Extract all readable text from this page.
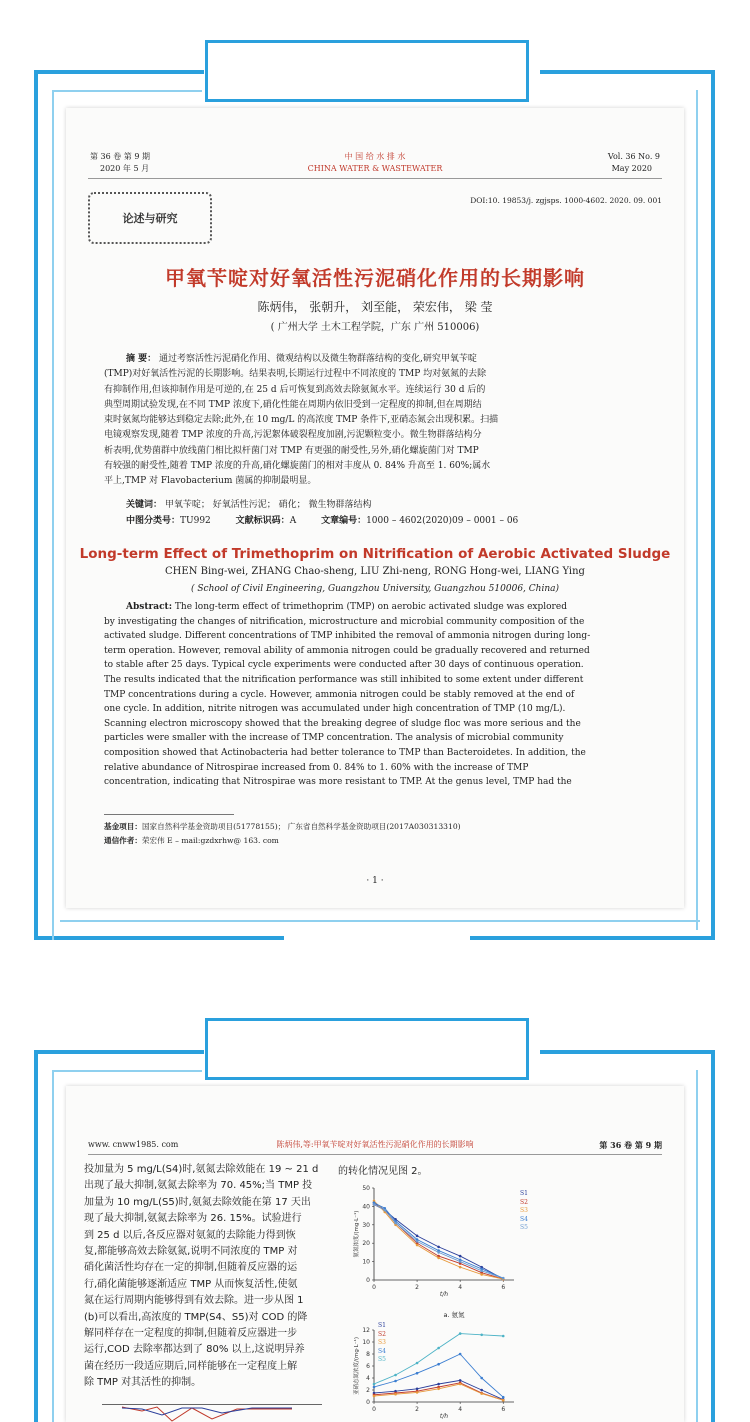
第 36 卷 第 9 期
2020 年 5 月
中 国 给 水 排 水
CHINA WATER & WASTEWATER
Vol. 36 No. 9
May 2020
论述与研究
DOI:10. 19853/j. zgjsps. 1000-4602. 2020. 09. 001
甲氧苄啶对好氧活性污泥硝化作用的长期影响
陈炳伟， 张朝升， 刘至能， 荣宏伟， 梁 莹
( 广州大学 土木工程学院，广东 广州 510006)
摘 要： 通过考察活性污泥硝化作用、微观结构以及微生物群落结构的变化,研究甲氧苄啶
(TMP)对好氧活性污泥的长期影响。结果表明,长期运行过程中不同浓度的 TMP 均对氨氮的去除
有抑制作用,但该抑制作用是可逆的,在 25 d 后可恢复到高效去除氨氮水平。连续运行 30 d 后的
典型周期试验发现,在不同 TMP 浓度下,硝化性能在周期内依旧受到一定程度的抑制,但在周期结
束时氨氮均能够达到稳定去除;此外,在 10 mg/L 的高浓度 TMP 条件下,亚硝态氮会出现积累。扫描
电镜观察发现,随着 TMP 浓度的升高,污泥絮体破裂程度加剧,污泥颗粒变小。微生物群落结构分
析表明,优势菌群中放线菌门相比拟杆菌门对 TMP 有更强的耐受性,另外,硝化螺旋菌门对 TMP
有较强的耐受性,随着 TMP 浓度的升高,硝化螺旋菌门的相对丰度从 0. 84% 升高至 1. 60%;属水
平上,TMP 对 Flavobacterium 菌属的抑制最明显。
关键词： 甲氧苄啶； 好氧活性污泥； 硝化； 微生物群落结构
中图分类号：TU992	文献标识码：A	文章编号：1000 – 4602(2020)09 – 0001 – 06
Long-term Effect of Trimethoprim on Nitrification of Aerobic Activated Sludge
CHEN Bing-wei, ZHANG Chao-sheng, LIU Zhi-neng, RONG Hong-wei, LIANG Ying
( School of Civil Engineering, Guangzhou University, Guangzhou 510006, China)
Abstract: The long-term effect of trimethoprim (TMP) on aerobic activated sludge was explored
by investigating the changes of nitrification, microstructure and microbial community composition of the
activated sludge. Different concentrations of TMP inhibited the removal of ammonia nitrogen during long-
term operation. However, removal ability of ammonia nitrogen could be gradually recovered and returned
to stable after 25 days. Typical cycle experiments were conducted after 30 days of continuous operation.
The results indicated that the nitrification performance was still inhibited to some extent under different
TMP concentrations during a cycle. However, ammonia nitrogen could be stably removed at the end of
one cycle. In addition, nitrite nitrogen was accumulated under high concentration of TMP (10 mg/L).
Scanning electron microscopy showed that the breaking degree of sludge floc was more serious and the
particles were smaller with the increase of TMP concentration. The analysis of microbial community
composition showed that Actinobacteria had better tolerance to TMP than Bacteroidetes. In addition, the
relative abundance of Nitrospirae increased from 0. 84% to 1. 60% with the increase of TMP
concentration, indicating that Nitrospirae was more resistant to TMP. At the genus level, TMP had the
基金项目：国家自然科学基金资助项目(51778155)； 广东省自然科学基金资助项目(2017A030313310)
通信作者：荣宏伟 E – mail:gzdxrhw@ 163. com
· 1 ·
www. cnww1985. com	陈炳伟,等:甲氧苄啶对好氧活性污泥硝化作用的长期影响	第 36 卷 第 9 期
投加量为 5 mg/L(S4)时,氨氮去除效能在 19 ~ 21 d
出现了最大抑制,氨氮去除率为 70. 45%;当 TMP 投
加量为 10 mg/L(S5)时,氨氮去除效能在第 17 天出
现了最大抑制,氨氮去除率为 26. 15%。试验进行
到 25 d 以后,各反应器对氨氮的去除能力得到恢
复,都能够高效去除氨氮,说明不同浓度的 TMP 对
硝化菌活性均存在一定的抑制,但随着反应器的运
行,硝化菌能够逐渐适应 TMP 从而恢复活性,使氨
氮在运行周期内能够得到有效去除。进一步从图 1
(b)可以看出,高浓度的 TMP(S4、S5)对 COD 的降
解同样存在一定程度的抑制,但随着反应器进一步
运行,COD 去除率都达到了 80% 以上,这说明异养
菌在经历一段适应期后,同样能够在一定程度上解
除 TMP 对其活性的抑制。
的转化情况见图 2。
0
10
20
30
40
50
0	2	4	6
t/h
氨氮浓度/(mg·L⁻¹)
S1
S2
S3
S4
S5
a. 氨氮
0
2
4
6
8
10
12
0	2	4	6
t/h
亚硝态氮浓度/(mg·L⁻¹)
S1
S2
S3
S4
S5
